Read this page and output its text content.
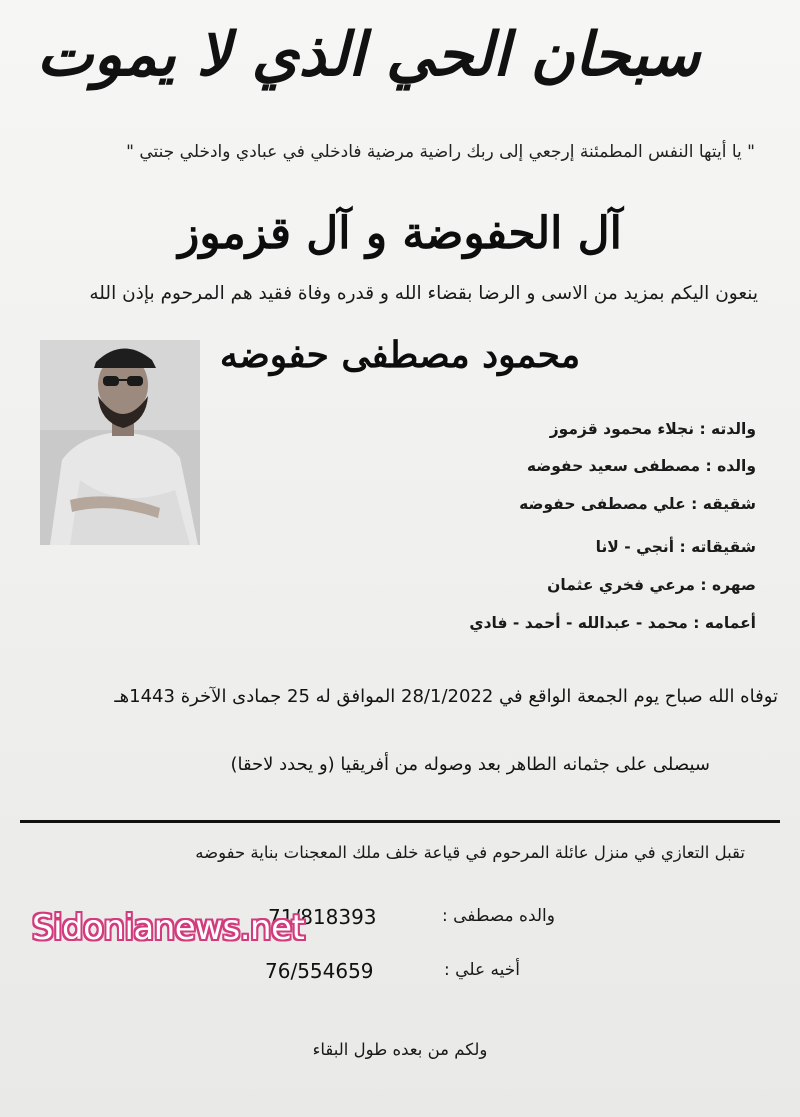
سبحان الحي الذي لا يموت
" يا أيتها النفس المطمئنة إرجعي إلى ربك راضية مرضية فادخلي في عبادي وادخلي جنتي "
آل الحفوضة و آل قزموز
ينعون اليكم بمزيد من الاسى و الرضا بقضاء الله و قدره وفاة فقيد هم المرحوم بإذن الله
محمود مصطفى حفوضه
والدته : نجلاء محمود قزموز
والده : مصطفى سعيد حفوضه
شقيقه : علي مصطفى حفوضه
شقيقاته : أنجي - لانا
صهره : مرعي فخري عثمان
أعمامه : محمد - عبدالله - أحمد - فادي
توفاه الله صباح يوم الجمعة الواقع في 28/1/2022 الموافق له 25 جمادى الآخرة 1443هـ
سيصلى على جثمانه الطاهر بعد وصوله من أفريقيا (و يحدد لاحقا)
تقبل التعازي في منزل عائلة المرحوم في قياعة خلف ملك المعجنات بناية حفوضه
والده مصطفى :
71/818393
أخيه علي :
76/554659
Sidonianews.net
ولكم من بعده طول البقاء
